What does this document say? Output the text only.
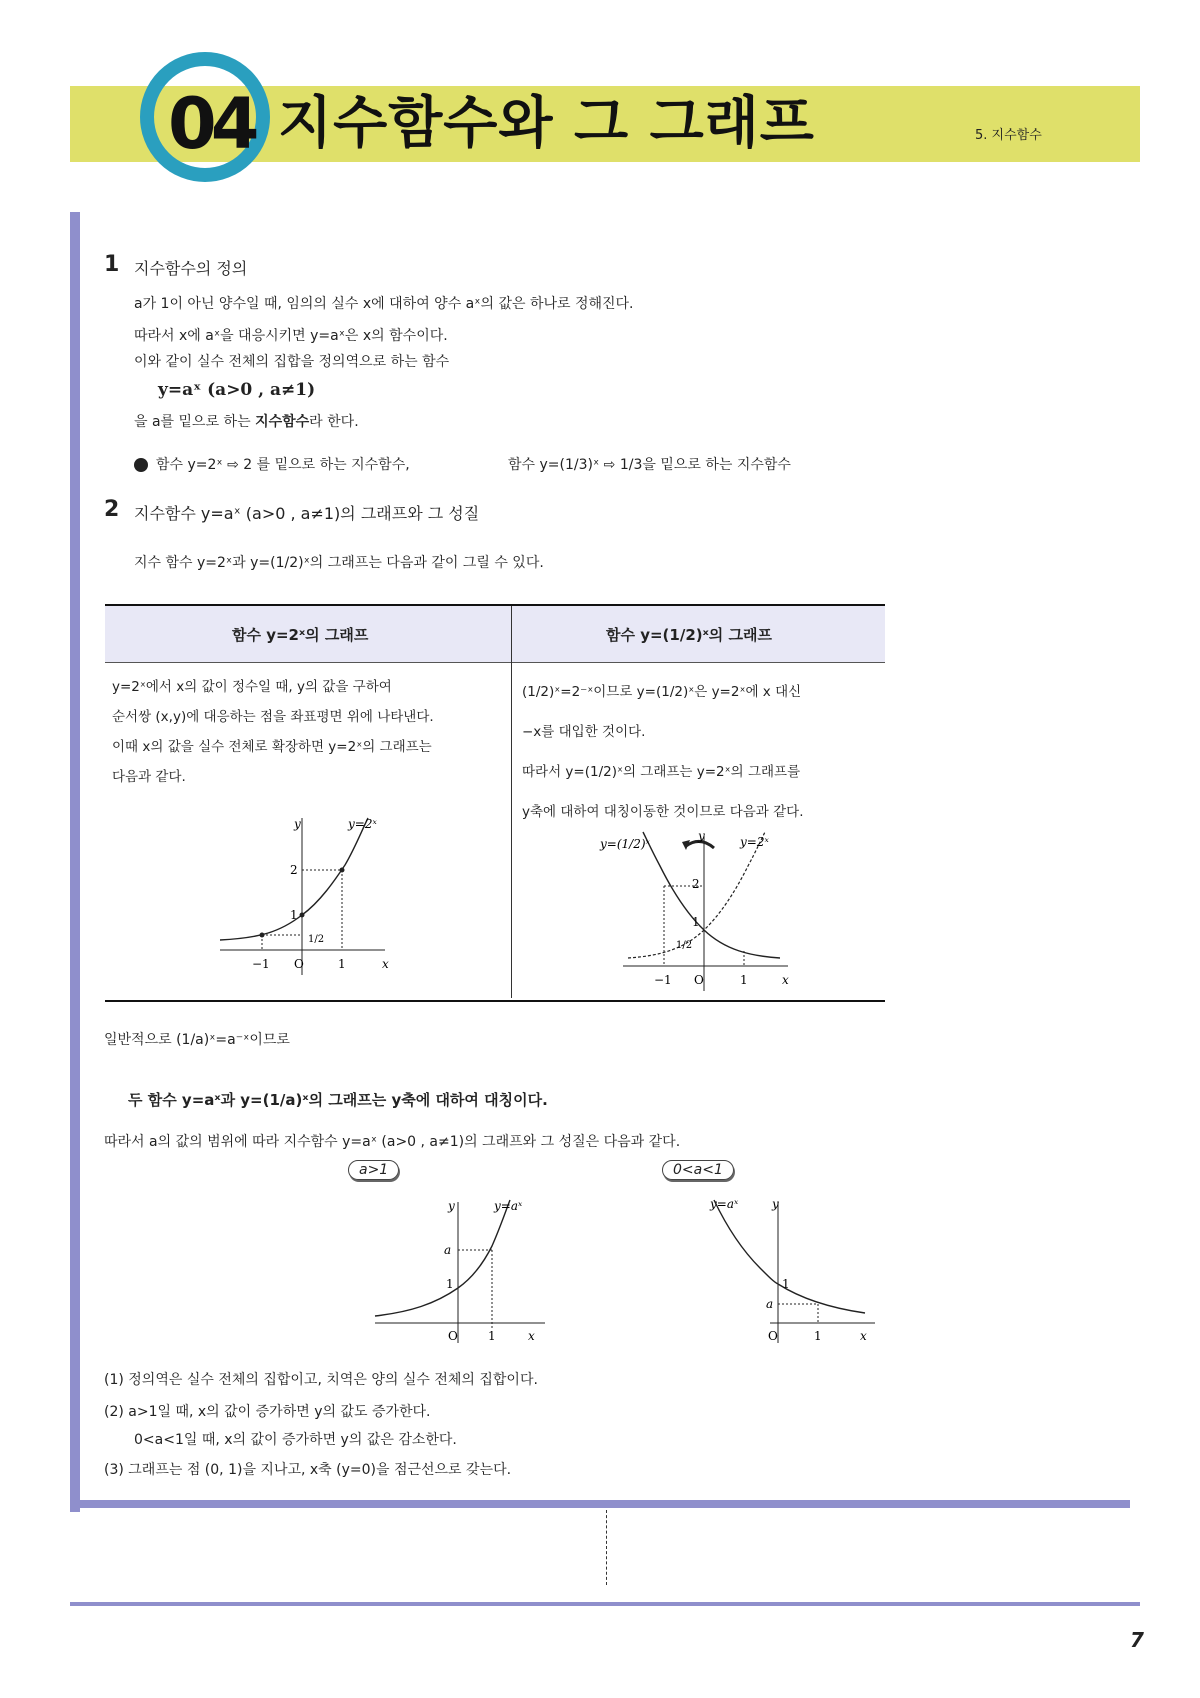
04 지수함수와 그 그래프	5. 지수함수
1 지수함수의 정의
a가 1이 아닌 양수일 때, 임의의 실수 x에 대하여 양수 aˣ의 값은 하나로 정해진다.
따라서 x에 aˣ을 대응시키면 y=aˣ은 x의 함수이다.
이와 같이 실수 전체의 집합을 정의역으로 하는 함수
y=aˣ (a>0 , a≠1)
을 a를 밑으로 하는 지수함수라 한다.
함수 y=2ˣ ⇨ 2 를 밑으로 하는 지수함수,	함수 y=(1/3)ˣ ⇨ 1/3을 밑으로 하는 지수함수
2 지수함수 y=aˣ (a>0 , a≠1)의 그래프와 그 성질
지수 함수 y=2ˣ과 y=(1/2)ˣ의 그래프는 다음과 같이 그릴 수 있다.
함수 y=2ˣ의 그래프	함수 y=(1/2)ˣ의 그래프
y=2ˣ에서 x의 값이 정수일 때, y의 값을 구하여
순서쌍 (x,y)에 대응하는 점을 좌표평면 위에 나타낸다.
이때 x의 값을 실수 전체로 확장하면 y=2ˣ의 그래프는
다음과 같다.
(1/2)ˣ=2⁻ˣ이므로 y=(1/2)ˣ은 y=2ˣ에 x 대신
−x를 대입한 것이다.
따라서 y=(1/2)ˣ의 그래프는 y=2ˣ의 그래프를
y축에 대하여 대칭이동한 것이므로 다음과 같다.
y	y=2ˣ
2
1
1/2
−1 O	1	x
y=(1/2)ˣ
y	y=2ˣ
2
1
1/2
−1 O	1	x
일반적으로 (1/a)ˣ=a⁻ˣ이므로
두 함수 y=aˣ과 y=(1/a)ˣ의 그래프는 y축에 대하여 대칭이다.
따라서 a의 값의 범위에 따라 지수함수 y=aˣ (a>0 , a≠1)의 그래프와 그 성질은 다음과 같다.
a>1	0<a<1
y	y=aˣ
a
1
O	1	x
y
y=aˣ
1
a
O	1	x
(1) 정의역은 실수 전체의 집합이고, 치역은 양의 실수 전체의 집합이다.
(2) a>1일 때, x의 값이 증가하면 y의 값도 증가한다.
0<a<1일 때, x의 값이 증가하면 y의 값은 감소한다.
(3) 그래프는 점 (0, 1)을 지나고, x축 (y=0)을 점근선으로 갖는다.
7
